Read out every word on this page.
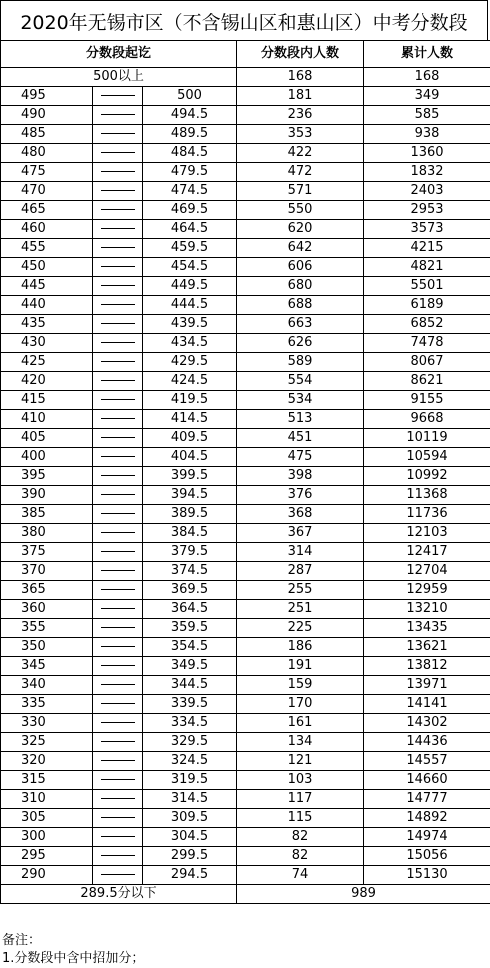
2020年无锡市区（不含锡山区和惠山区）中考分数段
分数段起讫			分数段内人数	累计人数
500以上			168	168
495		500	181	349
490		494.5	236	585
485		489.5	353	938
480		484.5	422	1360
475		479.5	472	1832
470		474.5	571	2403
465		469.5	550	2953
460		464.5	620	3573
455		459.5	642	4215
450		454.5	606	4821
445		449.5	680	5501
440		444.5	688	6189
435		439.5	663	6852
430		434.5	626	7478
425		429.5	589	8067
420		424.5	554	8621
415		419.5	534	9155
410		414.5	513	9668
405		409.5	451	10119
400		404.5	475	10594
395		399.5	398	10992
390		394.5	376	11368
385		389.5	368	11736
380		384.5	367	12103
375		379.5	314	12417
370		374.5	287	12704
365		369.5	255	12959
360		364.5	251	13210
355		359.5	225	13435
350		354.5	186	13621
345		349.5	191	13812
340		344.5	159	13971
335		339.5	170	14141
330		334.5	161	14302
325		329.5	134	14436
320		324.5	121	14557
315		319.5	103	14660
310		314.5	117	14777
305		309.5	115	14892
300		304.5	82	14974
295		299.5	82	15056
290		294.5	74	15130
289.5分以下			989	
备注：
1.分数段中含中招加分；
